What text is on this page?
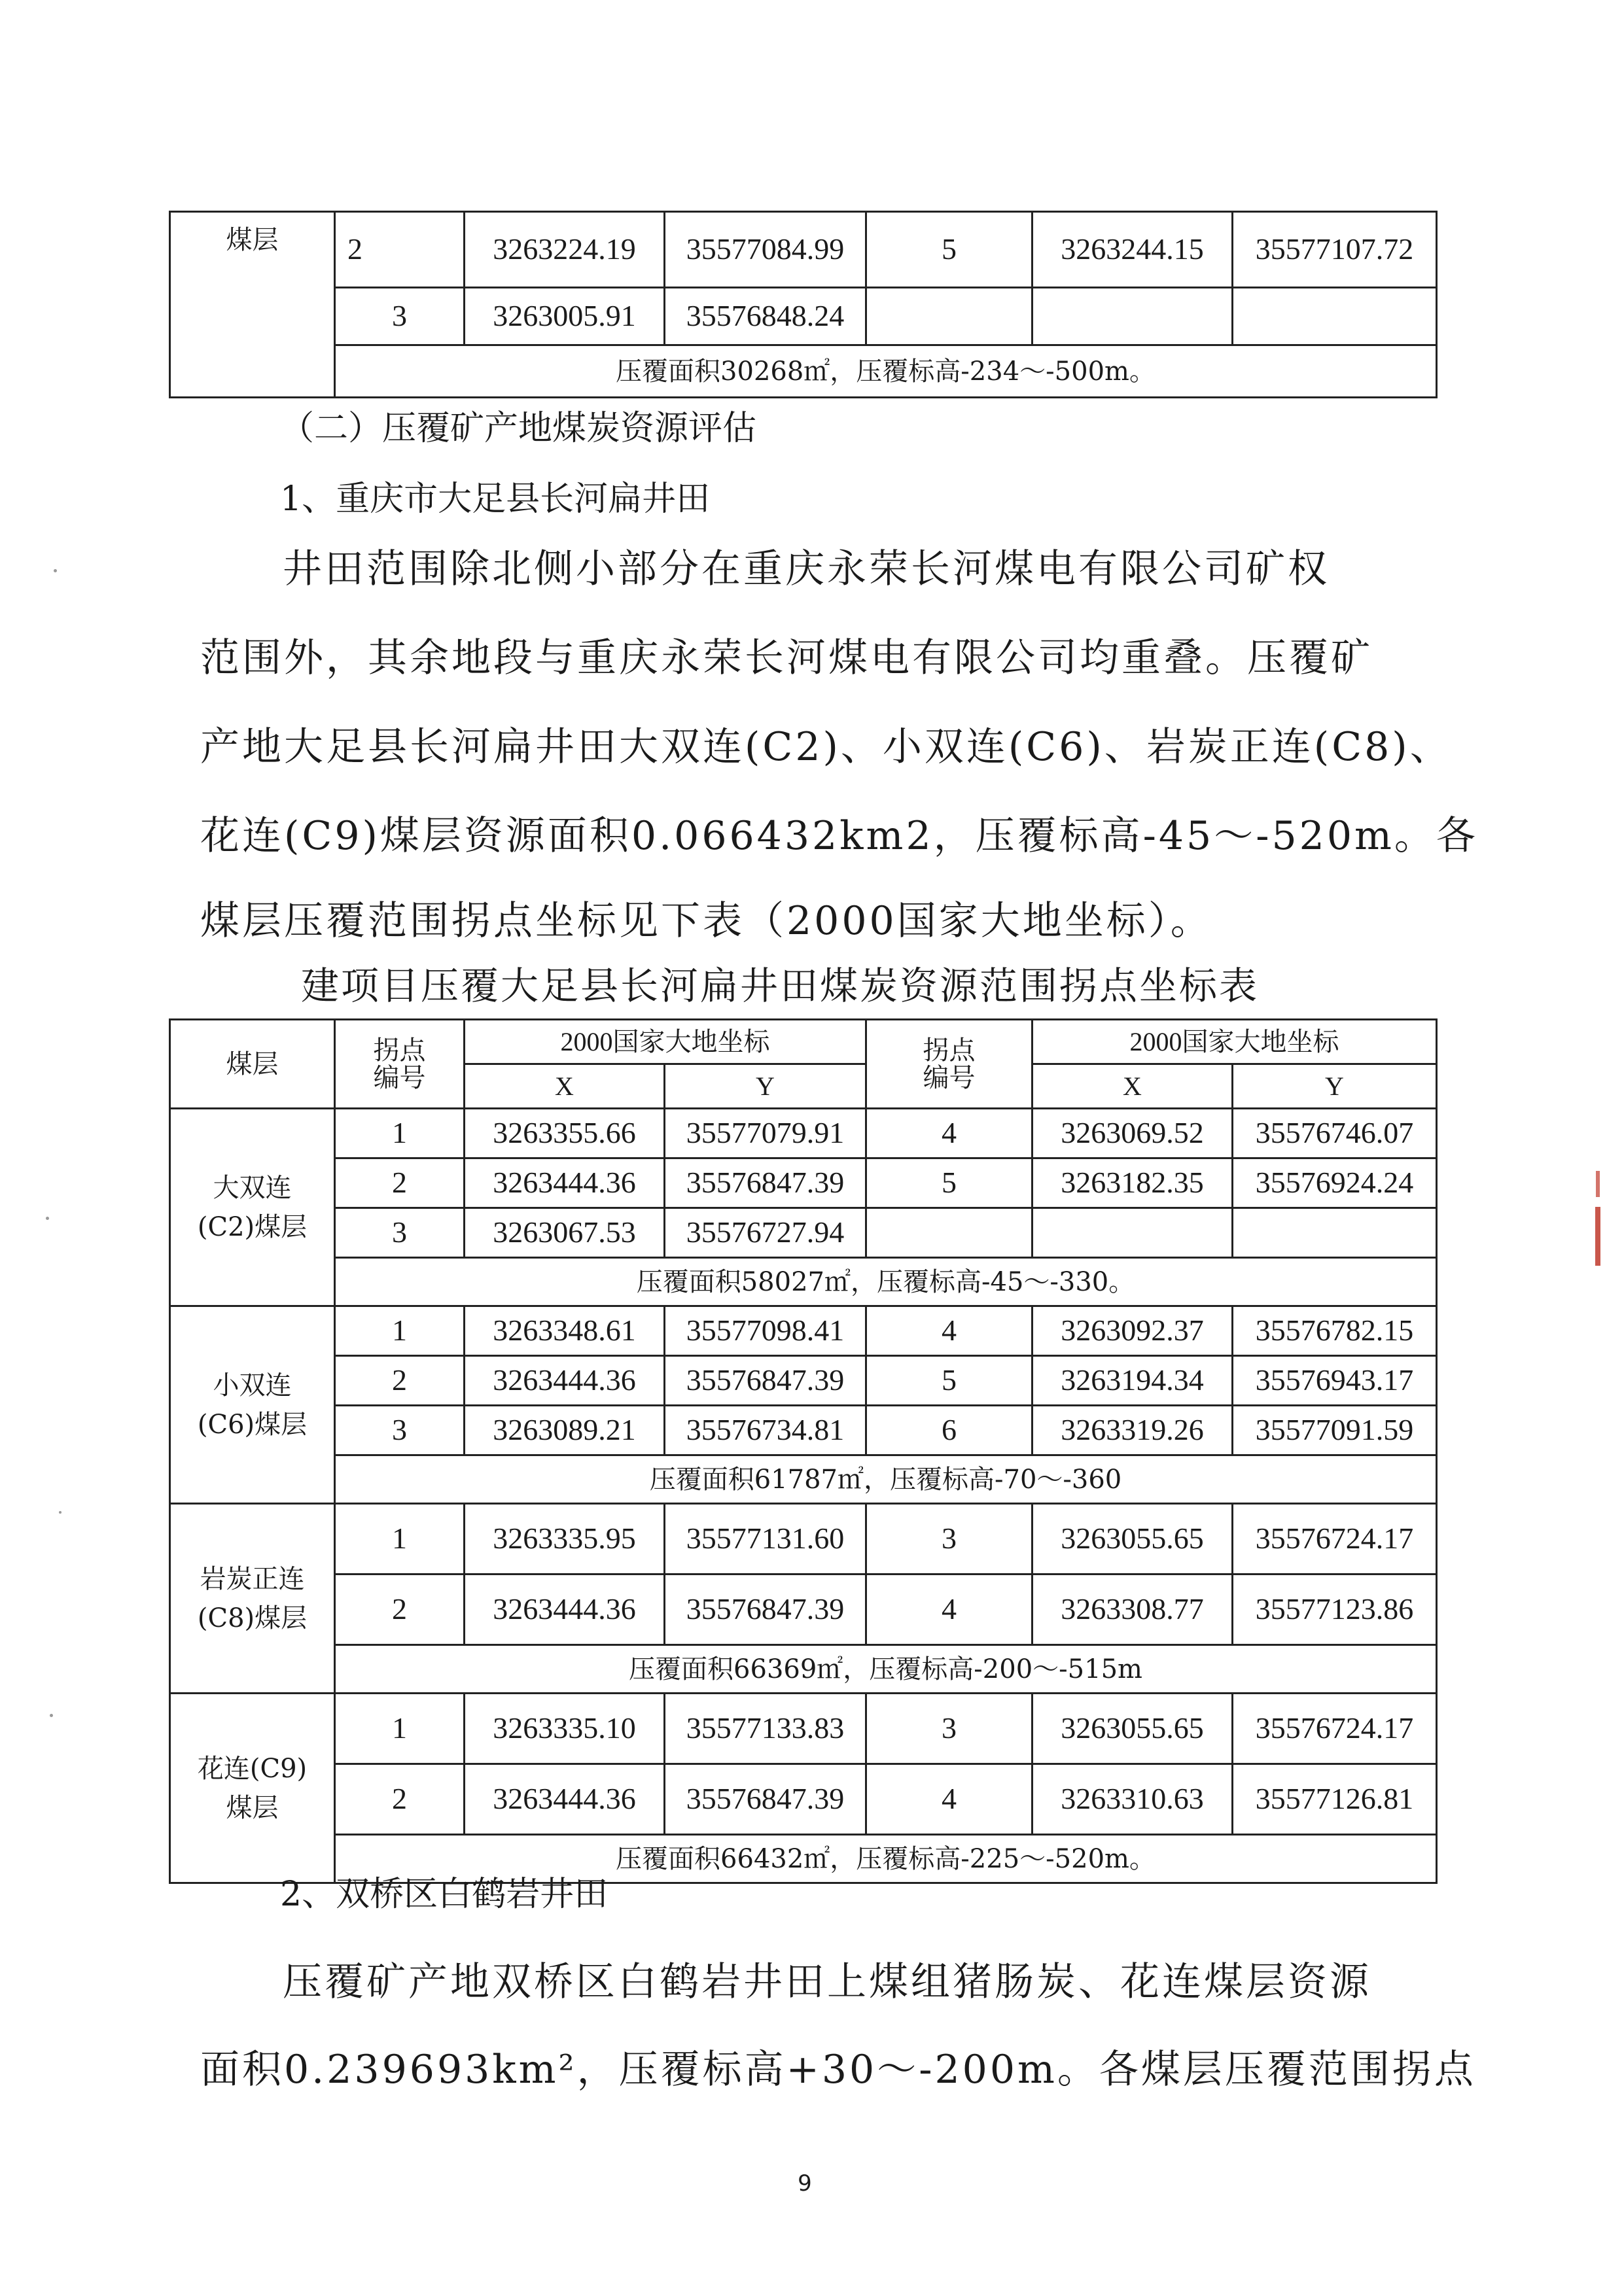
煤层	2	3263224.19	35577084.99	5	3263244.15	35577107.72
	3	3263005.91	35576848.24			
	压覆面积30268㎡，压覆标高-234～-500m。					
（二）压覆矿产地煤炭资源评估
1、重庆市大足县长河扁井田
井田范围除北侧小部分在重庆永荣长河煤电有限公司矿权
范围外，其余地段与重庆永荣长河煤电有限公司均重叠。压覆矿
产地大足县长河扁井田大双连(C2)、小双连(C6)、岩炭正连(C8)、
花连(C9)煤层资源面积0.066432km2，压覆标高-45～-520m。各
煤层压覆范围拐点坐标见下表（2000国家大地坐标）。
建项目压覆大足县长河扁井田煤炭资源范围拐点坐标表
煤层	拐点编号	2000国家大地坐标		拐点编号	2000国家大地坐标	
		X	Y		X	Y
大双连(C2)煤层	1	3263355.66	35577079.91	4	3263069.52	35576746.07
	2	3263444.36	35576847.39	5	3263182.35	35576924.24
	3	3263067.53	35576727.94			
	压覆面积58027㎡，压覆标高-45～-330。					
小双连(C6)煤层	1	3263348.61	35577098.41	4	3263092.37	35576782.15
	2	3263444.36	35576847.39	5	3263194.34	35576943.17
	3	3263089.21	35576734.81	6	3263319.26	35577091.59
	压覆面积61787㎡，压覆标高-70～-360					
岩炭正连(C8)煤层	1	3263335.95	35577131.60	3	3263055.65	35576724.17
	2	3263444.36	35576847.39	4	3263308.77	35577123.86
	压覆面积66369㎡，压覆标高-200～-515m					
花连(C9)煤层	1	3263335.10	35577133.83	3	3263055.65	35576724.17
	2	3263444.36	35576847.39	4	3263310.63	35577126.81
	压覆面积66432㎡，压覆标高-225～-520m。					
2、双桥区白鹤岩井田
压覆矿产地双桥区白鹤岩井田上煤组猪肠炭、花连煤层资源
面积0.239693km²，压覆标高+30～-200m。各煤层压覆范围拐点
9
